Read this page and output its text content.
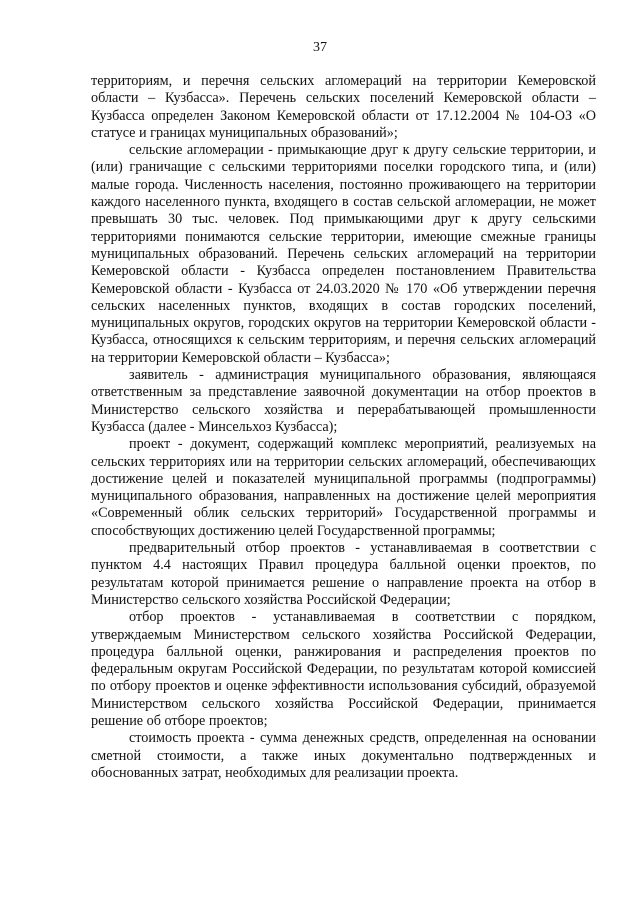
37

территориям, и перечня сельских агломераций на территории Кемеровской области – Кузбасса». Перечень сельских поселений Кемеровской области – Кузбасса определен Законом Кемеровской области от 17.12.2004 № 104-ОЗ «О статусе и границах муниципальных образований»;

сельские агломерации - примыкающие друг к другу сельские территории, и (или) граничащие с сельскими территориями поселки городского типа, и (или) малые города. Численность населения, постоянно проживающего на территории каждого населенного пункта, входящего в состав сельской агломерации, не может превышать 30 тыс. человек. Под примыкающими друг к другу сельскими территориями понимаются сельские территории, имеющие смежные границы муниципальных образований. Перечень сельских агломераций на территории Кемеровской области - Кузбасса определен постановлением Правительства Кемеровской области - Кузбасса от 24.03.2020 № 170 «Об утверждении перечня сельских населенных пунктов, входящих в состав городских поселений, муниципальных округов, городских округов на территории Кемеровской области - Кузбасса, относящихся к сельским территориям, и перечня сельских агломераций на территории Кемеровской области – Кузбасса»;

заявитель - администрация муниципального образования, являющаяся ответственным за представление заявочной документации на отбор проектов в Министерство сельского хозяйства и перерабатывающей промышленности Кузбасса (далее - Минсельхоз Кузбасса);

проект - документ, содержащий комплекс мероприятий, реализуемых на сельских территориях или на территории сельских агломераций, обеспечивающих достижение целей и показателей муниципальной программы (подпрограммы) муниципального образования, направленных на достижение целей мероприятия «Современный облик сельских территорий» Государственной программы и способствующих достижению целей Государственной программы;

предварительный отбор проектов - устанавливаемая в соответствии с пунктом 4.4 настоящих Правил процедура балльной оценки проектов, по результатам которой принимается решение о направление проекта на отбор в Министерство сельского хозяйства Российской Федерации;

отбор проектов - устанавливаемая в соответствии с порядком, утверждаемым Министерством сельского хозяйства Российской Федерации, процедура балльной оценки, ранжирования и распределения проектов по федеральным округам Российской Федерации, по результатам которой комиссией по отбору проектов и оценке эффективности использования субсидий, образуемой Министерством сельского хозяйства Российской Федерации, принимается решение об отборе проектов;

стоимость проекта - сумма денежных средств, определенная на основании сметной стоимости, а также иных документально подтвержденных и обоснованных затрат, необходимых для реализации проекта.
